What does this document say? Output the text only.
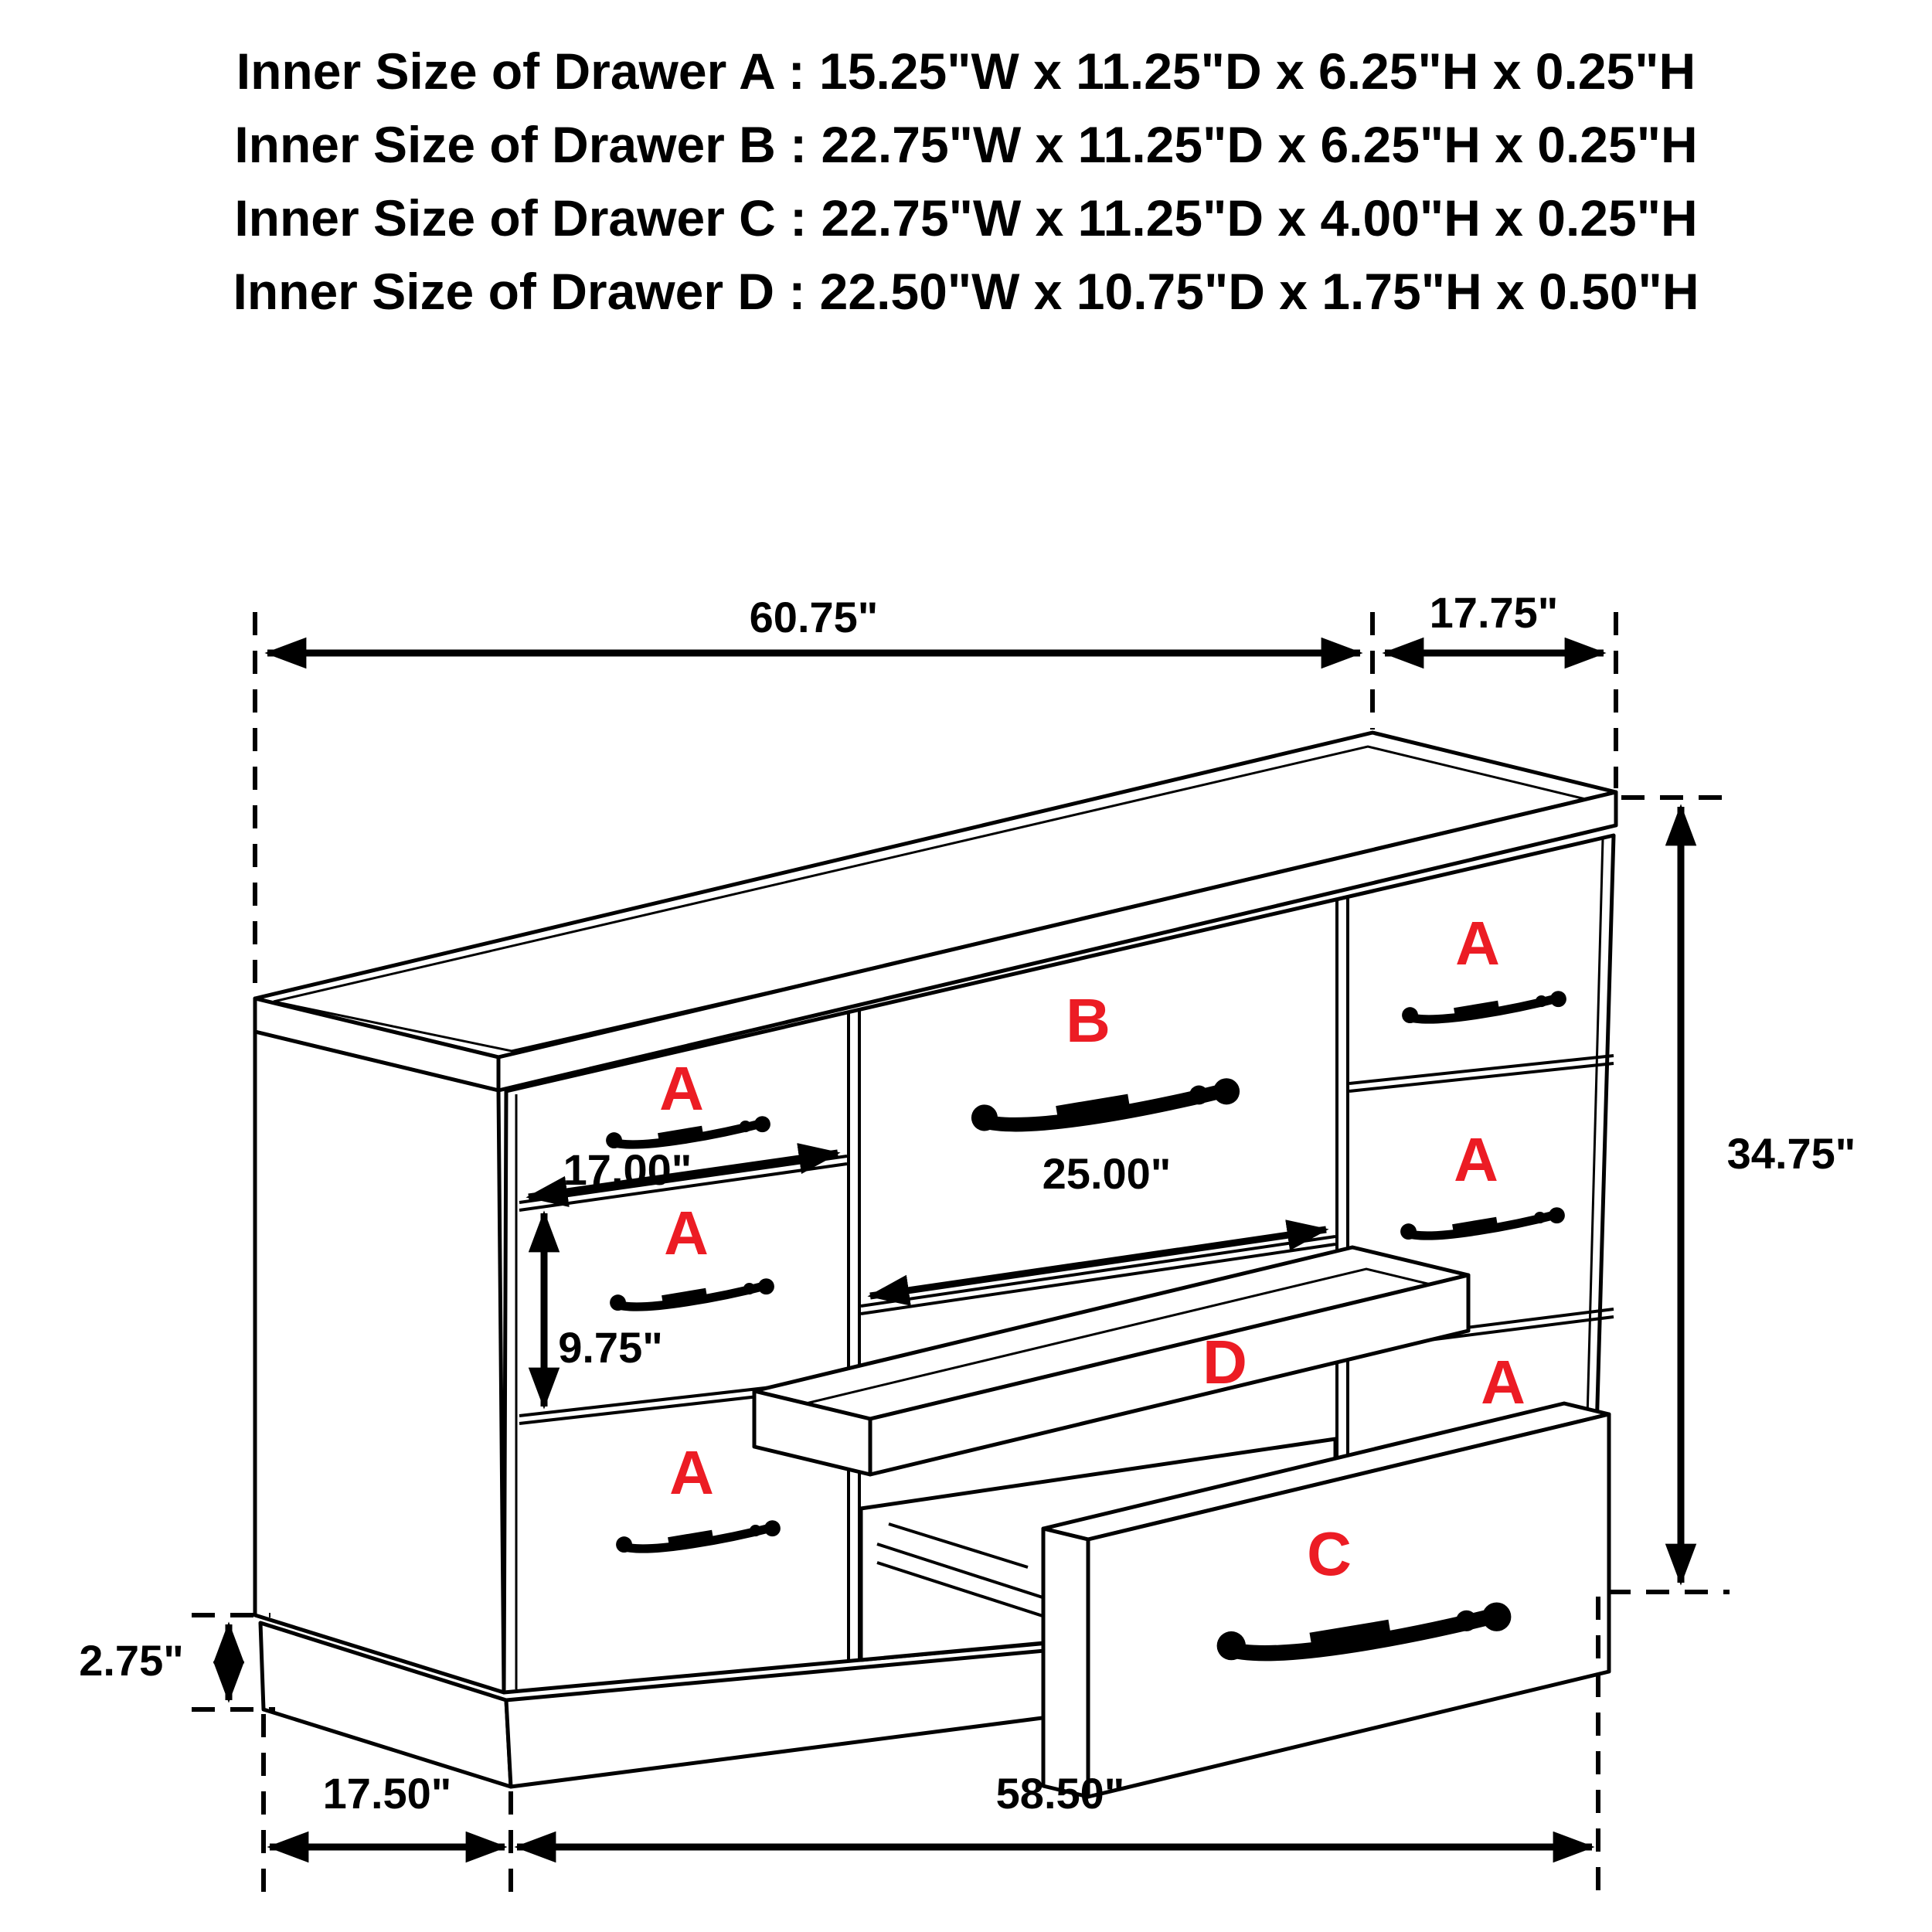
Inner Size of Drawer A : 15.25"W x 11.25"D x 6.25"H x 0.25"H
Inner Size of Drawer B : 22.75"W x 11.25"D x 6.25"H x 0.25"H
Inner Size of Drawer C : 22.75"W x 11.25"D x 4.00"H x 0.25"H
Inner Size of Drawer D : 22.50"W x 10.75"D x 1.75"H x 0.50"H
60.75"	17.75"
A
A
A
B
A
A
A
D
C
17.00"	25.00"
9.75"
34.75"
2.75"
17.50"	58.50"
